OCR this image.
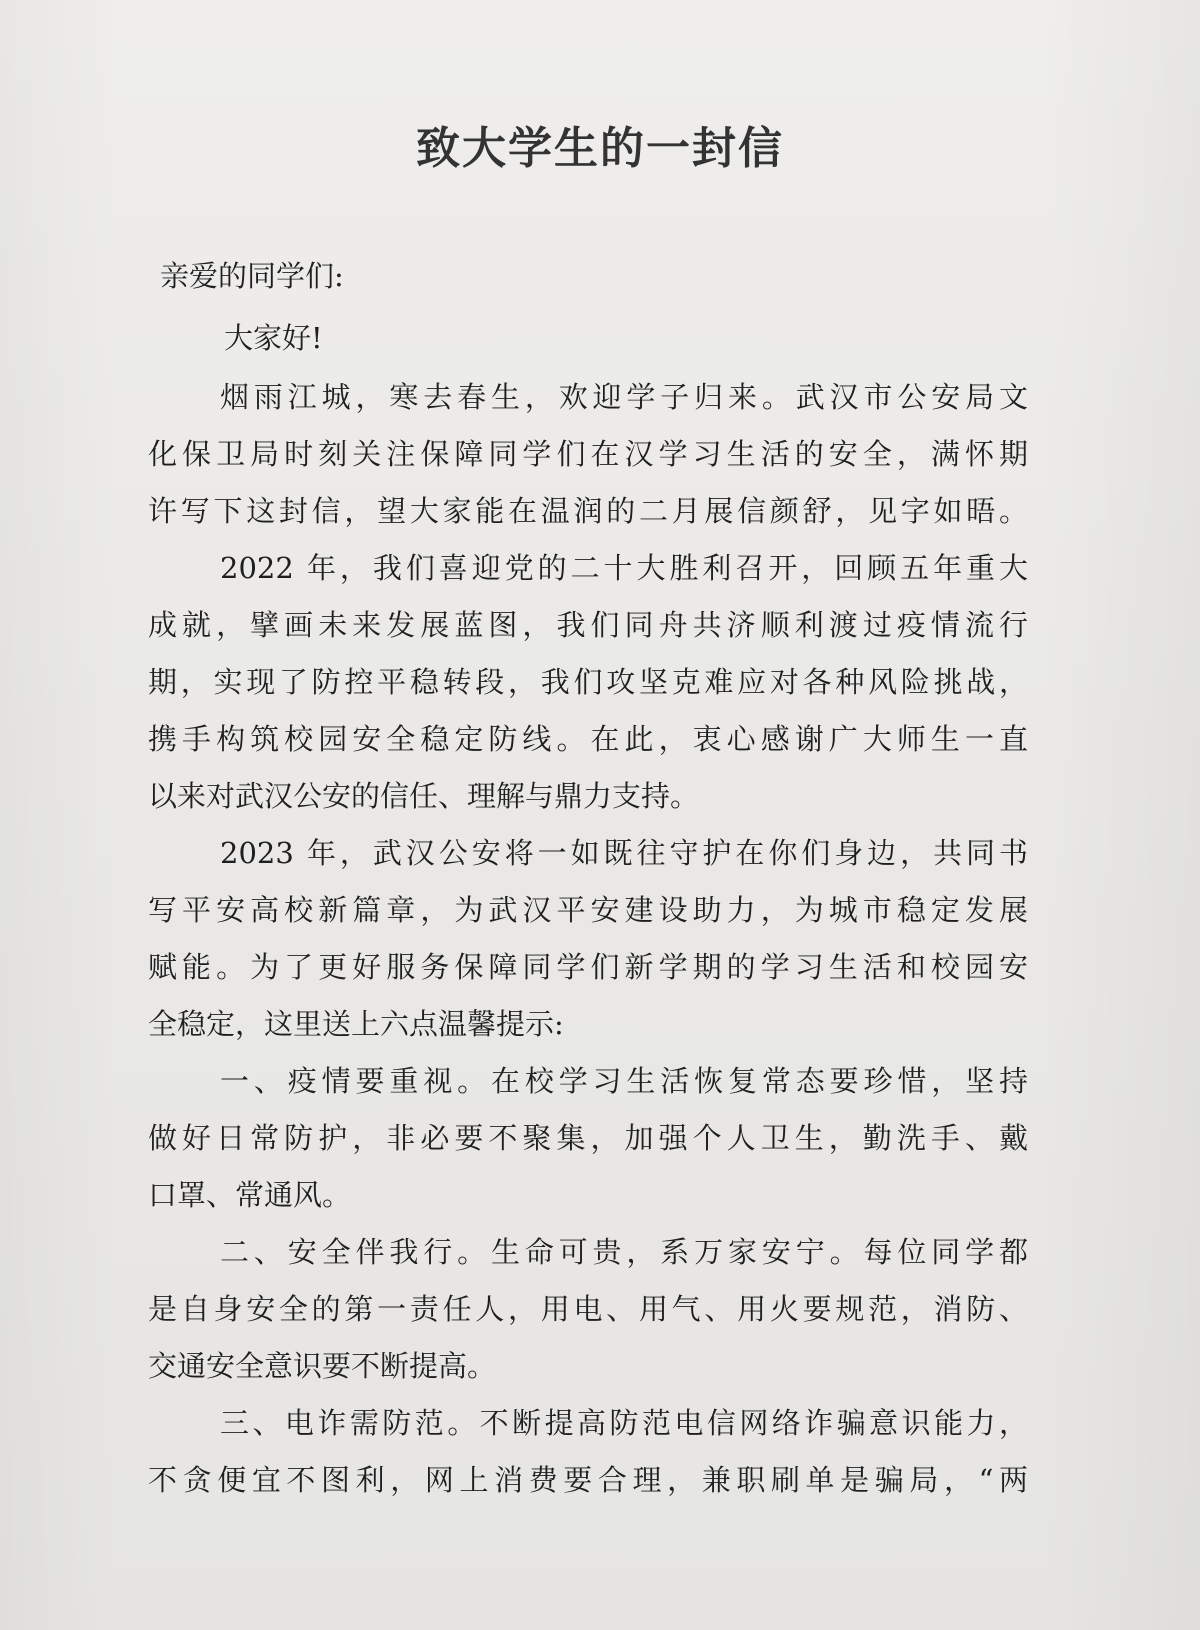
致大学生的一封信
亲爱的同学们:
大家好!
烟雨江城，寒去春生，欢迎学子归来。武汉市公安局文
化保卫局时刻关注保障同学们在汉学习生活的安全，满怀期
许写下这封信，望大家能在温润的二月展信颜舒，见字如晤。
2022 年，我们喜迎党的二十大胜利召开，回顾五年重大
成就，擘画未来发展蓝图，我们同舟共济顺利渡过疫情流行
期，实现了防控平稳转段，我们攻坚克难应对各种风险挑战，
携手构筑校园安全稳定防线。在此，衷心感谢广大师生一直
以来对武汉公安的信任、理解与鼎力支持。
2023 年，武汉公安将一如既往守护在你们身边，共同书
写平安高校新篇章，为武汉平安建设助力，为城市稳定发展
赋能。为了更好服务保障同学们新学期的学习生活和校园安
全稳定，这里送上六点温馨提示:
一、疫情要重视。在校学习生活恢复常态要珍惜，坚持
做好日常防护，非必要不聚集，加强个人卫生，勤洗手、戴
口罩、常通风。
二、安全伴我行。生命可贵，系万家安宁。每位同学都
是自身安全的第一责任人，用电、用气、用火要规范，消防、
交通安全意识要不断提高。
三、电诈需防范。不断提高防范电信网络诈骗意识能力，
不贪便宜不图利，网上消费要合理，兼职刷单是骗局，“两
